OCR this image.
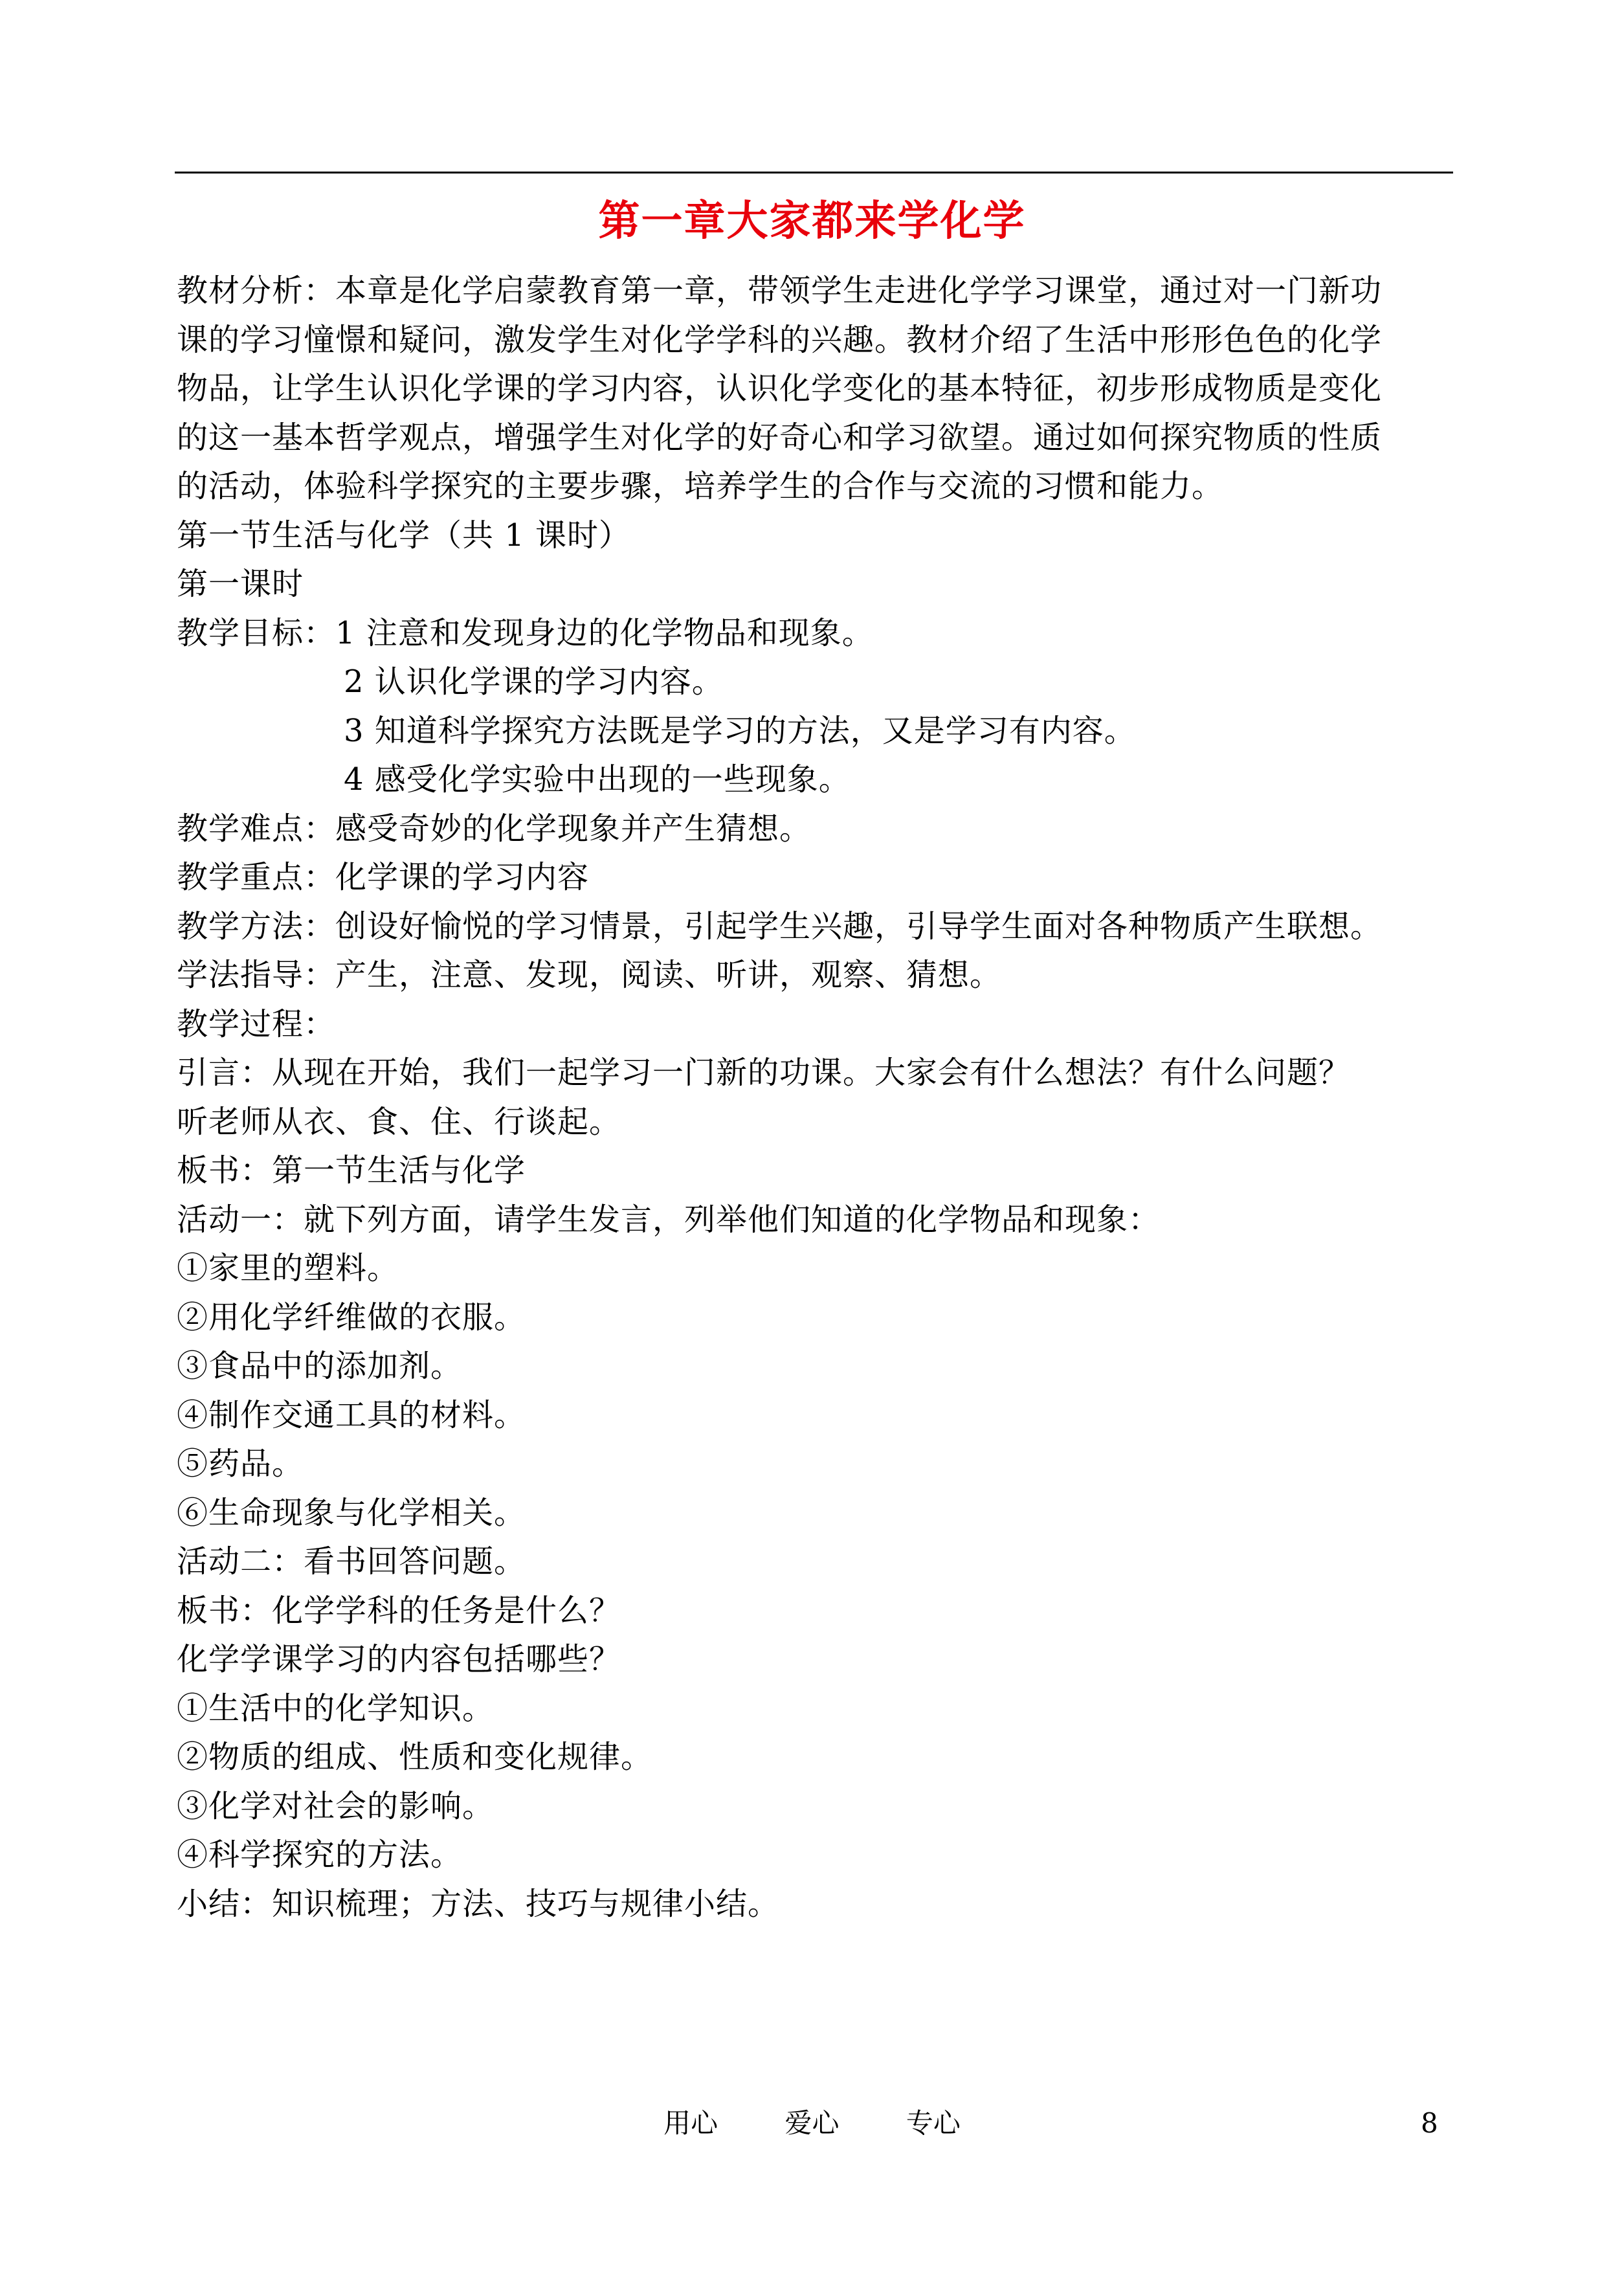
第一章大家都来学化学
教材分析：本章是化学启蒙教育第一章，带领学生走进化学学习课堂，通过对一门新功
课的学习憧憬和疑问，激发学生对化学学科的兴趣。教材介绍了生活中形形色色的化学
物品，让学生认识化学课的学习内容，认识化学变化的基本特征，初步形成物质是变化
的这一基本哲学观点，增强学生对化学的好奇心和学习欲望。通过如何探究物质的性质
的活动，体验科学探究的主要步骤，培养学生的合作与交流的习惯和能力。
第一节生活与化学（共 1 课时）
第一课时
教学目标：1 注意和发现身边的化学物品和现象。
2 认识化学课的学习内容。
3 知道科学探究方法既是学习的方法，又是学习有内容。
4 感受化学实验中出现的一些现象。
教学难点：感受奇妙的化学现象并产生猜想。
教学重点：化学课的学习内容
教学方法：创设好愉悦的学习情景，引起学生兴趣，引导学生面对各种物质产生联想。
学法指导：产生，注意、发现，阅读、听讲，观察、猜想。
教学过程：
引言：从现在开始，我们一起学习一门新的功课。大家会有什么想法？有什么问题？
听老师从衣、食、住、行谈起。
板书：第一节生活与化学
活动一：就下列方面，请学生发言，列举他们知道的化学物品和现象：
①家里的塑料。
②用化学纤维做的衣服。
③食品中的添加剂。
④制作交通工具的材料。
⑤药品。
⑥生命现象与化学相关。
活动二：看书回答问题。
板书：化学学科的任务是什么？
化学学课学习的内容包括哪些？
①生活中的化学知识。
②物质的组成、性质和变化规律。
③化学对社会的影响。
④科学探究的方法。
小结：知识梳理；方法、技巧与规律小结。
用心 爱心 专心	8
